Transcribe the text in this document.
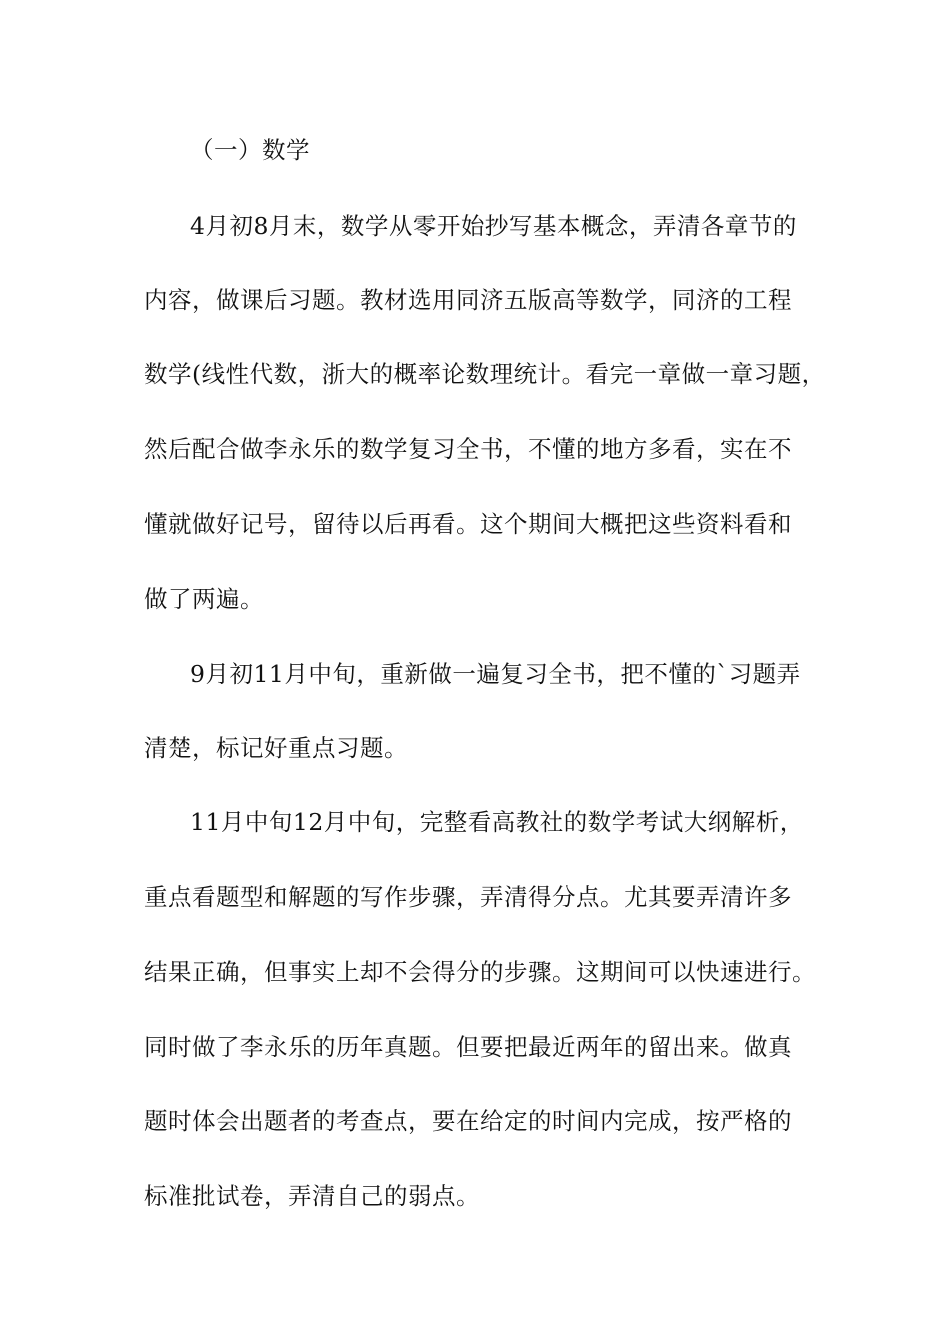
（一）数学
4月初8月末，数学从零开始抄写基本概念，弄清各章节的
内容，做课后习题。教材选用同济五版高等数学，同济的工程
数学(线性代数，浙大的概率论数理统计。看完一章做一章习题，
然后配合做李永乐的数学复习全书，不懂的地方多看，实在不
懂就做好记号，留待以后再看。这个期间大概把这些资料看和
做了两遍。
9月初11月中旬，重新做一遍复习全书，把不懂的`习题弄
清楚，标记好重点习题。
11月中旬12月中旬，完整看高教社的数学考试大纲解析，
重点看题型和解题的写作步骤，弄清得分点。尤其要弄清许多
结果正确，但事实上却不会得分的步骤。这期间可以快速进行。
同时做了李永乐的历年真题。但要把最近两年的留出来。做真
题时体会出题者的考查点，要在给定的时间内完成，按严格的
标准批试卷，弄清自己的弱点。
